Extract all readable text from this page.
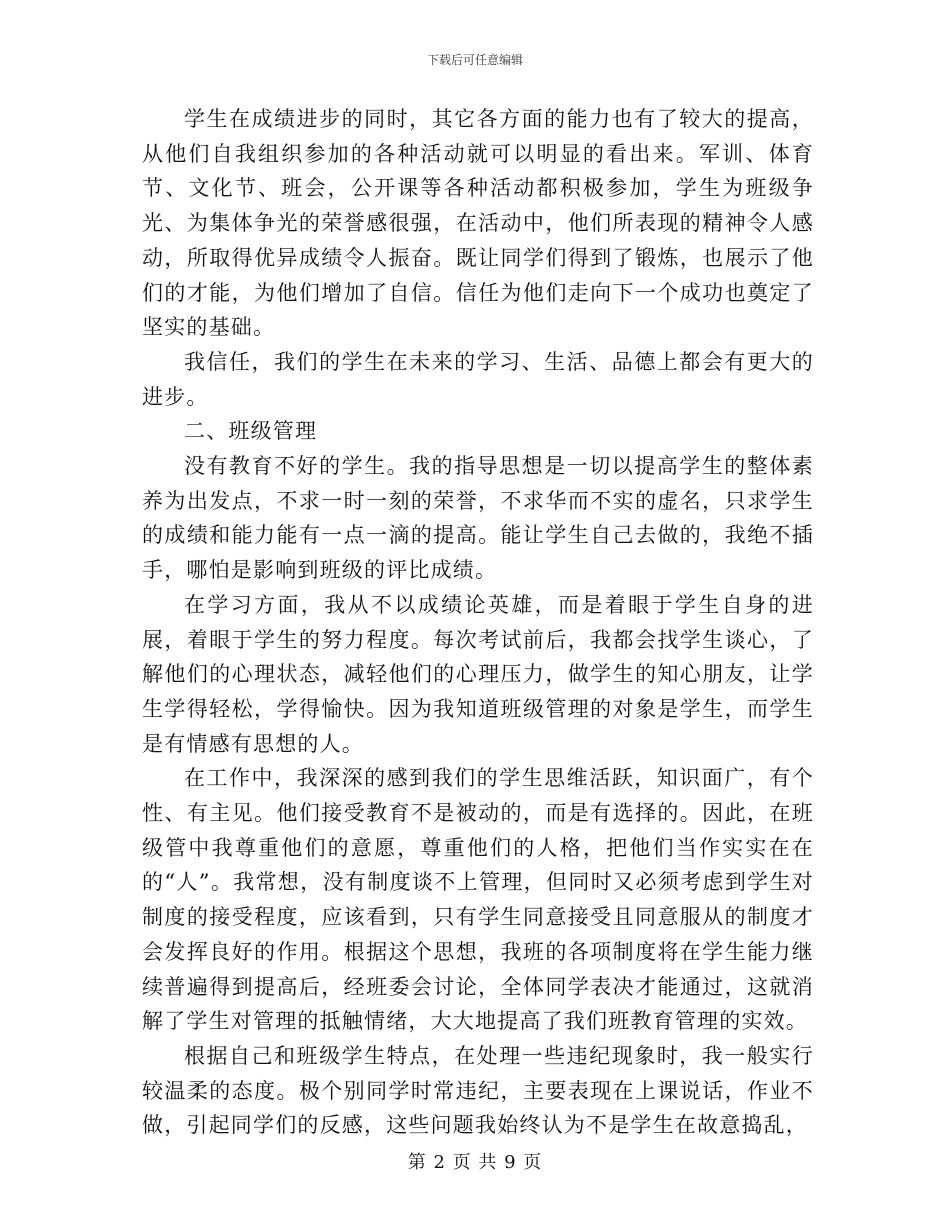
下载后可任意编辑

学生在成绩进步的同时，其它各方面的能力也有了较大的提高，从他们自我组织参加的各种活动就可以明显的看出来。军训、体育节、文化节、班会，公开课等各种活动都积极参加，学生为班级争光、为集体争光的荣誉感很强，在活动中，他们所表现的精神令人感动，所取得优异成绩令人振奋。既让同学们得到了锻炼，也展示了他们的才能，为他们增加了自信。信任为他们走向下一个成功也奠定了坚实的基础。

我信任，我们的学生在未来的学习、生活、品德上都会有更大的进步。

二、班级管理

没有教育不好的学生。我的指导思想是一切以提高学生的整体素养为出发点，不求一时一刻的荣誉，不求华而不实的虚名，只求学生的成绩和能力能有一点一滴的提高。能让学生自己去做的，我绝不插手，哪怕是影响到班级的评比成绩。

在学习方面，我从不以成绩论英雄，而是着眼于学生自身的进展，着眼于学生的努力程度。每次考试前后，我都会找学生谈心，了解他们的心理状态，减轻他们的心理压力，做学生的知心朋友，让学生学得轻松，学得愉快。因为我知道班级管理的对象是学生，而学生是有情感有思想的人。

在工作中，我深深的感到我们的学生思维活跃，知识面广，有个性、有主见。他们接受教育不是被动的，而是有选择的。因此，在班级管中我尊重他们的意愿，尊重他们的人格，把他们当作实实在在的“人”。我常想，没有制度谈不上管理，但同时又必须考虑到学生对制度的接受程度，应该看到，只有学生同意接受且同意服从的制度才会发挥良好的作用。根据这个思想，我班的各项制度将在学生能力继续普遍得到提高后，经班委会讨论，全体同学表决才能通过，这就消解了学生对管理的抵触情绪，大大地提高了我们班教育管理的实效。

根据自己和班级学生特点，在处理一些违纪现象时，我一般实行较温柔的态度。极个别同学时常违纪，主要表现在上课说话，作业不做，引起同学们的反感，这些问题我始终认为不是学生在故意捣乱，

第 2 页 共 9 页
